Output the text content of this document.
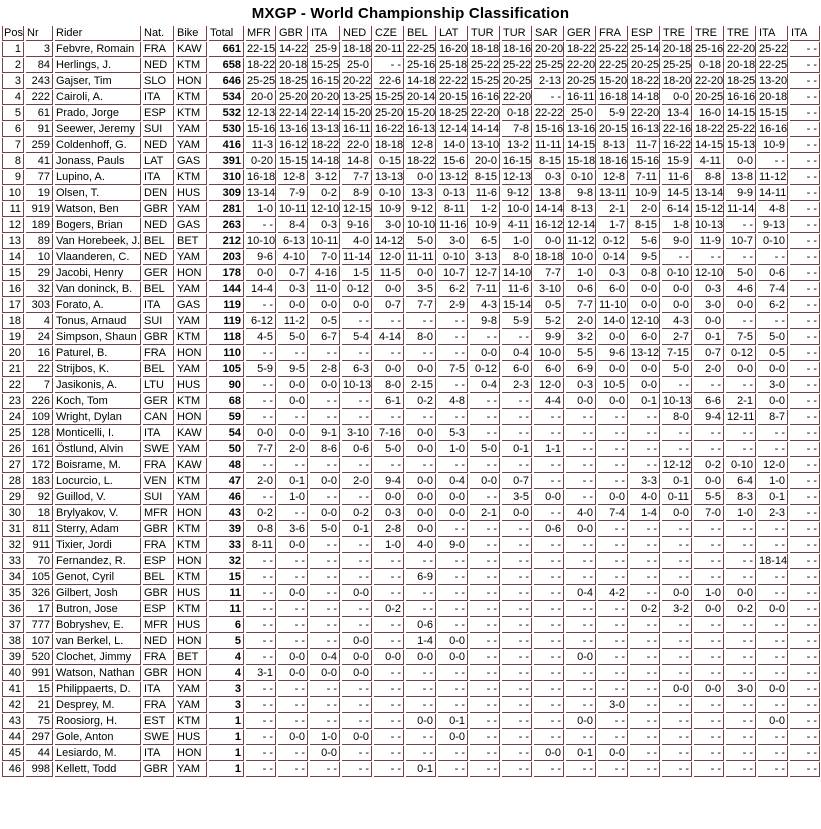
MXGP - World Championship Classification
Pos	Nr	Rider	Nat.	Bike	Total	MFR	GBR	ITA	NED	CZE	BEL	LAT	TUR	TUR	SAR	GER	FRA	ESP	TRE	TRE	TRE	ITA	ITA
1	3	Febvre, Romain	FRA	KAW	661	22-15	14-22	25-9	18-18	20-11	22-25	16-20	18-18	18-16	20-20	18-22	25-22	25-14	20-18	25-16	22-20	25-22	- -
2	84	Herlings, J.	NED	KTM	658	18-22	20-18	15-25	25-0	- -	25-16	25-18	25-22	25-22	25-25	22-20	22-25	20-25	25-25	0-18	20-18	22-25	- -
3	243	Gajser, Tim	SLO	HON	646	25-25	18-25	16-15	20-22	22-6	14-18	22-22	15-25	20-25	2-13	20-25	15-20	18-22	18-20	22-20	18-25	13-20	- -
4	222	Cairoli, A.	ITA	KTM	534	20-0	25-20	20-20	13-25	15-25	20-14	20-15	16-16	22-20	- -	16-11	16-18	14-18	0-0	20-25	16-16	20-18	- -
5	61	Prado, Jorge	ESP	KTM	532	12-13	22-14	22-14	15-20	25-20	15-20	18-25	22-20	0-18	22-22	25-0	5-9	22-20	13-4	16-0	14-15	15-15	- -
6	91	Seewer, Jeremy	SUI	YAM	530	15-16	13-16	13-13	16-11	16-22	16-13	12-14	14-14	7-8	15-16	13-16	20-15	16-13	22-16	18-22	25-22	16-16	- -
7	259	Coldenhoff, G.	NED	YAM	416	11-3	16-12	18-22	22-0	18-18	12-8	14-0	13-10	13-2	11-11	14-15	8-13	11-7	16-22	14-15	15-13	10-9	- -
8	41	Jonass, Pauls	LAT	GAS	391	0-20	15-15	14-18	14-8	0-15	18-22	15-6	20-0	16-15	8-15	15-18	18-16	15-16	15-9	4-11	0-0	- -	- -
9	77	Lupino, A.	ITA	KTM	310	16-18	12-8	3-12	7-7	13-13	0-0	13-12	8-15	12-13	0-3	0-10	12-8	7-11	11-6	8-8	13-8	11-12	- -
10	19	Olsen, T.	DEN	HUS	309	13-14	7-9	0-2	8-9	0-10	13-3	0-13	11-6	9-12	13-8	9-8	13-11	10-9	14-5	13-14	9-9	14-11	- -
11	919	Watson, Ben	GBR	YAM	281	1-0	10-11	12-10	12-15	10-9	9-12	8-11	1-2	10-0	14-14	8-13	2-1	2-0	6-14	15-12	11-14	4-8	- -
12	189	Bogers, Brian	NED	GAS	263	- -	8-4	0-3	9-16	3-0	10-10	11-16	10-9	4-11	16-12	12-14	1-7	8-15	1-8	10-13	- -	9-13	- -
13	89	Van Horebeek, J.	BEL	BET	212	10-10	6-13	10-11	4-0	14-12	5-0	3-0	6-5	1-0	0-0	11-12	0-12	5-6	9-0	11-9	10-7	0-10	- -
14	10	Vlaanderen, C.	NED	YAM	203	9-6	4-10	7-0	11-14	12-0	11-11	0-10	3-13	8-0	18-18	10-0	0-14	9-5	- -	- -	- -	- -	- -
15	29	Jacobi, Henry	GER	HON	178	0-0	0-7	4-16	1-5	11-5	0-0	10-7	12-7	14-10	7-7	1-0	0-3	0-8	0-10	12-10	5-0	0-6	- -
16	32	Van doninck, B.	BEL	YAM	144	14-4	0-3	11-0	0-12	0-0	3-5	6-2	7-11	11-6	3-10	0-6	6-0	0-0	0-0	0-3	4-6	7-4	- -
17	303	Forato, A.	ITA	GAS	119	- -	0-0	0-0	0-0	0-7	7-7	2-9	4-3	15-14	0-5	7-7	11-10	0-0	0-0	3-0	0-0	6-2	- -
18	4	Tonus, Arnaud	SUI	YAM	119	6-12	11-2	0-5	- -	- -	- -	- -	9-8	5-9	5-2	2-0	14-0	12-10	4-3	0-0	- -	- -	- -
19	24	Simpson, Shaun	GBR	KTM	118	4-5	5-0	6-7	5-4	4-14	8-0	- -	- -	- -	9-9	3-2	0-0	6-0	2-7	0-1	7-5	5-0	- -
20	16	Paturel, B.	FRA	HON	110	- -	- -	- -	- -	- -	- -	- -	0-0	0-4	10-0	5-5	9-6	13-12	7-15	0-7	0-12	0-5	- -
21	22	Strijbos, K.	BEL	YAM	105	5-9	9-5	2-8	6-3	0-0	0-0	7-5	0-12	6-0	6-0	6-9	0-0	0-0	5-0	2-0	0-0	0-0	- -
22	7	Jasikonis, A.	LTU	HUS	90	- -	0-0	0-0	10-13	8-0	2-15	- -	0-4	2-3	12-0	0-3	10-5	0-0	- -	- -	- -	3-0	- -
23	226	Koch, Tom	GER	KTM	68	- -	0-0	- -	- -	6-1	0-2	4-8	- -	- -	4-4	0-0	0-0	0-1	10-13	6-6	2-1	0-0	- -
24	109	Wright, Dylan	CAN	HON	59	- -	- -	- -	- -	- -	- -	- -	- -	- -	- -	- -	- -	- -	8-0	9-4	12-11	8-7	- -
25	128	Monticelli, I.	ITA	KAW	54	0-0	0-0	9-1	3-10	7-16	0-0	5-3	- -	- -	- -	- -	- -	- -	- -	- -	- -	- -	- -
26	161	Östlund, Alvin	SWE	YAM	50	7-7	2-0	8-6	0-6	5-0	0-0	1-0	5-0	0-1	1-1	- -	- -	- -	- -	- -	- -	- -	- -
27	172	Boisrame, M.	FRA	KAW	48	- -	- -	- -	- -	- -	- -	- -	- -	- -	- -	- -	- -	- -	12-12	0-2	0-10	12-0	- -
28	183	Locurcio, L.	VEN	KTM	47	2-0	0-1	0-0	2-0	9-4	0-0	0-4	0-0	0-7	- -	- -	- -	3-3	0-1	0-0	6-4	1-0	- -
29	92	Guillod, V.	SUI	YAM	46	- -	1-0	- -	- -	0-0	0-0	0-0	- -	3-5	0-0	- -	0-0	4-0	0-11	5-5	8-3	0-1	- -
30	18	Brylyakov, V.	MFR	HON	43	0-2	- -	0-0	0-2	0-3	0-0	0-0	2-1	0-0	- -	4-0	7-4	1-4	0-0	7-0	1-0	2-3	- -
31	811	Sterry, Adam	GBR	KTM	39	0-8	3-6	5-0	0-1	2-8	0-0	- -	- -	- -	0-6	0-0	- -	- -	- -	- -	- -	- -	- -
32	911	Tixier, Jordi	FRA	KTM	33	8-11	0-0	- -	- -	1-0	4-0	9-0	- -	- -	- -	- -	- -	- -	- -	- -	- -	- -	- -
33	70	Fernandez, R.	ESP	HON	32	- -	- -	- -	- -	- -	- -	- -	- -	- -	- -	- -	- -	- -	- -	- -	- -	18-14	- -
34	105	Genot, Cyril	BEL	KTM	15	- -	- -	- -	- -	- -	6-9	- -	- -	- -	- -	- -	- -	- -	- -	- -	- -	- -	- -
35	326	Gilbert, Josh	GBR	HUS	11	- -	0-0	- -	0-0	- -	- -	- -	- -	- -	- -	0-4	4-2	- -	0-0	1-0	0-0	- -	- -
36	17	Butron, Jose	ESP	KTM	11	- -	- -	- -	- -	0-2	- -	- -	- -	- -	- -	- -	- -	0-2	3-2	0-0	0-2	0-0	- -
37	777	Bobryshev, E.	MFR	HUS	6	- -	- -	- -	- -	- -	0-6	- -	- -	- -	- -	- -	- -	- -	- -	- -	- -	- -	- -
38	107	van Berkel, L.	NED	HON	5	- -	- -	- -	0-0	- -	1-4	0-0	- -	- -	- -	- -	- -	- -	- -	- -	- -	- -	- -
39	520	Clochet, Jimmy	FRA	BET	4	- -	0-0	0-4	0-0	0-0	0-0	0-0	- -	- -	- -	0-0	- -	- -	- -	- -	- -	- -	- -
40	991	Watson, Nathan	GBR	HON	4	3-1	0-0	0-0	0-0	- -	- -	- -	- -	- -	- -	- -	- -	- -	- -	- -	- -	- -	- -
41	15	Philippaerts, D.	ITA	YAM	3	- -	- -	- -	- -	- -	- -	- -	- -	- -	- -	- -	- -	- -	0-0	0-0	3-0	0-0	- -
42	21	Desprey, M.	FRA	YAM	3	- -	- -	- -	- -	- -	- -	- -	- -	- -	- -	- -	3-0	- -	- -	- -	- -	- -	- -
43	75	Roosiorg, H.	EST	KTM	1	- -	- -	- -	- -	- -	0-0	0-1	- -	- -	- -	0-0	- -	- -	- -	- -	- -	0-0	- -
44	297	Gole, Anton	SWE	HUS	1	- -	0-0	1-0	0-0	- -	- -	0-0	- -	- -	- -	- -	- -	- -	- -	- -	- -	- -	- -
45	44	Lesiardo, M.	ITA	HON	1	- -	- -	0-0	- -	- -	- -	- -	- -	- -	0-0	0-1	0-0	- -	- -	- -	- -	- -	- -
46	998	Kellett, Todd	GBR	YAM	1	- -	- -	- -	- -	- -	0-1	- -	- -	- -	- -	- -	- -	- -	- -	- -	- -	- -	- -
